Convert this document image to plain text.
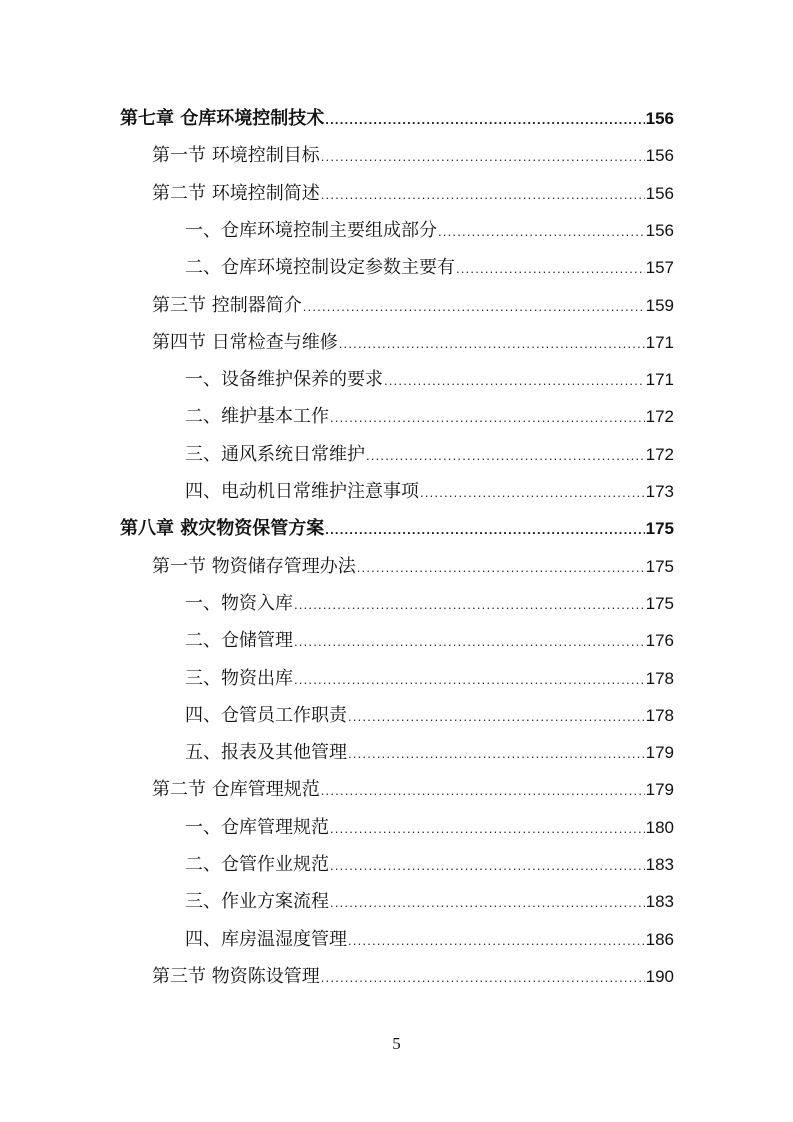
第七章 仓库环境控制技术 .....	156
第一节 环境控制目标 .....	156
第二节 环境控制简述 .....	156
一、仓库环境控制主要组成部分 .....	156
二、仓库环境控制设定参数主要有 .....	157
第三节 控制器简介 .....	159
第四节 日常检查与维修 .....	171
一、设备维护保养的要求 .....	171
二、维护基本工作 .....	172
三、通风系统日常维护 .....	172
四、电动机日常维护注意事项 .....	173
第八章 救灾物资保管方案 .....	175
第一节 物资储存管理办法 .....	175
一、物资入库 .....	175
二、仓储管理 .....	176
三、物资出库 .....	178
四、仓管员工作职责 .....	178
五、报表及其他管理 .....	179
第二节 仓库管理规范 .....	179
一、仓库管理规范 .....	180
二、仓管作业规范 .....	183
三、作业方案流程 .....	183
四、库房温湿度管理 .....	186
第三节 物资陈设管理 .....	190
5
